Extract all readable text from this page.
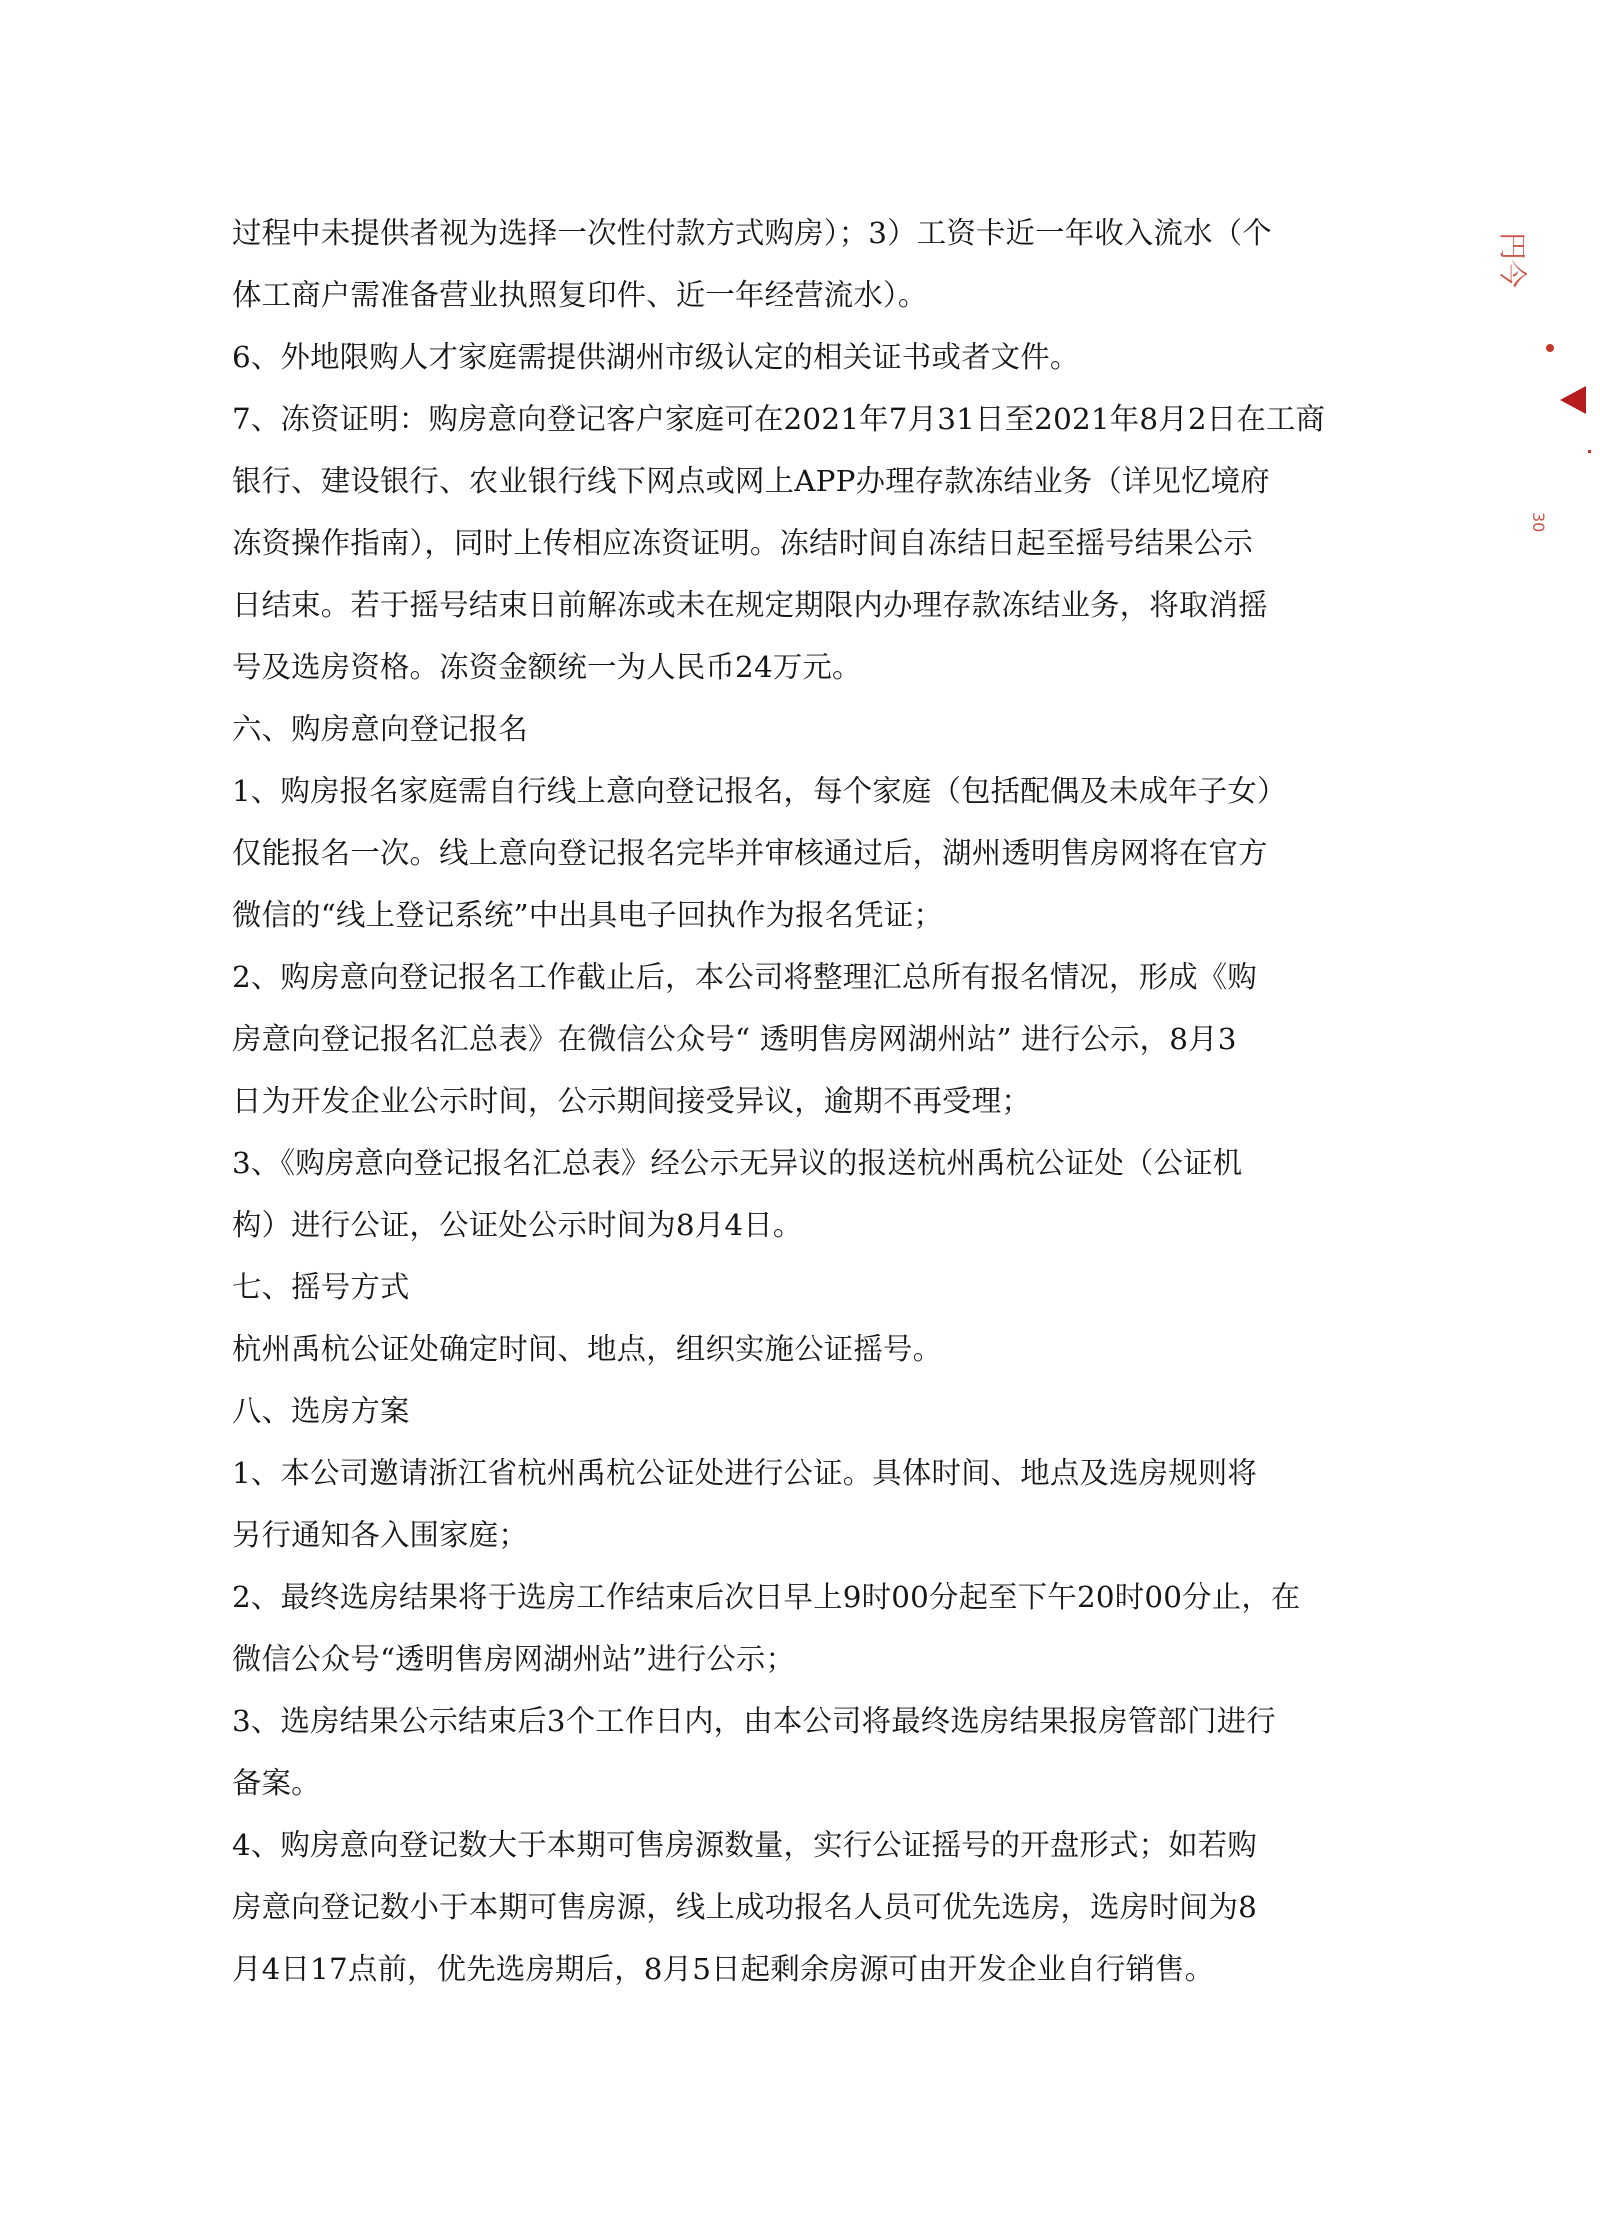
过程中未提供者视为选择一次性付款方式购房）；3）工资卡近一年收入流水（个

体工商户需准备营业执照复印件、近一年经营流水）。

6、外地限购人才家庭需提供湖州市级认定的相关证书或者文件。

7、冻资证明：购房意向登记客户家庭可在2021年7月31日至2021年8月2日在工商

银行、建设银行、农业银行线下网点或网上APP办理存款冻结业务（详见忆境府

冻资操作指南），同时上传相应冻资证明。冻结时间自冻结日起至摇号结果公示

日结束。若于摇号结束日前解冻或未在规定期限内办理存款冻结业务，将取消摇

号及选房资格。冻资金额统一为人民币24万元。

六、购房意向登记报名

1、购房报名家庭需自行线上意向登记报名，每个家庭（包括配偶及未成年子女）

仅能报名一次。线上意向登记报名完毕并审核通过后，湖州透明售房网将在官方

微信的“线上登记系统”中出具电子回执作为报名凭证；

2、购房意向登记报名工作截止后，本公司将整理汇总所有报名情况，形成《购

房意向登记报名汇总表》在微信公众号“ 透明售房网湖州站” 进行公示，8月3

日为开发企业公示时间，公示期间接受异议，逾期不再受理；

3、《购房意向登记报名汇总表》经公示无异议的报送杭州禹杭公证处（公证机

构）进行公证，公证处公示时间为8月4日。

七、摇号方式

杭州禹杭公证处确定时间、地点，组织实施公证摇号。

八、选房方案

1、本公司邀请浙江省杭州禹杭公证处进行公证。具体时间、地点及选房规则将

另行通知各入围家庭；

2、最终选房结果将于选房工作结束后次日早上9时00分起至下午20时00分止，在

微信公众号“透明售房网湖州站”进行公示；

3、选房结果公示结束后3个工作日内，由本公司将最终选房结果报房管部门进行

备案。

4、购房意向登记数大于本期可售房源数量，实行公证摇号的开盘形式；如若购

房意向登记数小于本期可售房源，线上成功报名人员可优先选房，选房时间为8

月4日17点前，优先选房期后，8月5日起剩余房源可由开发企业自行销售。

円今
30
